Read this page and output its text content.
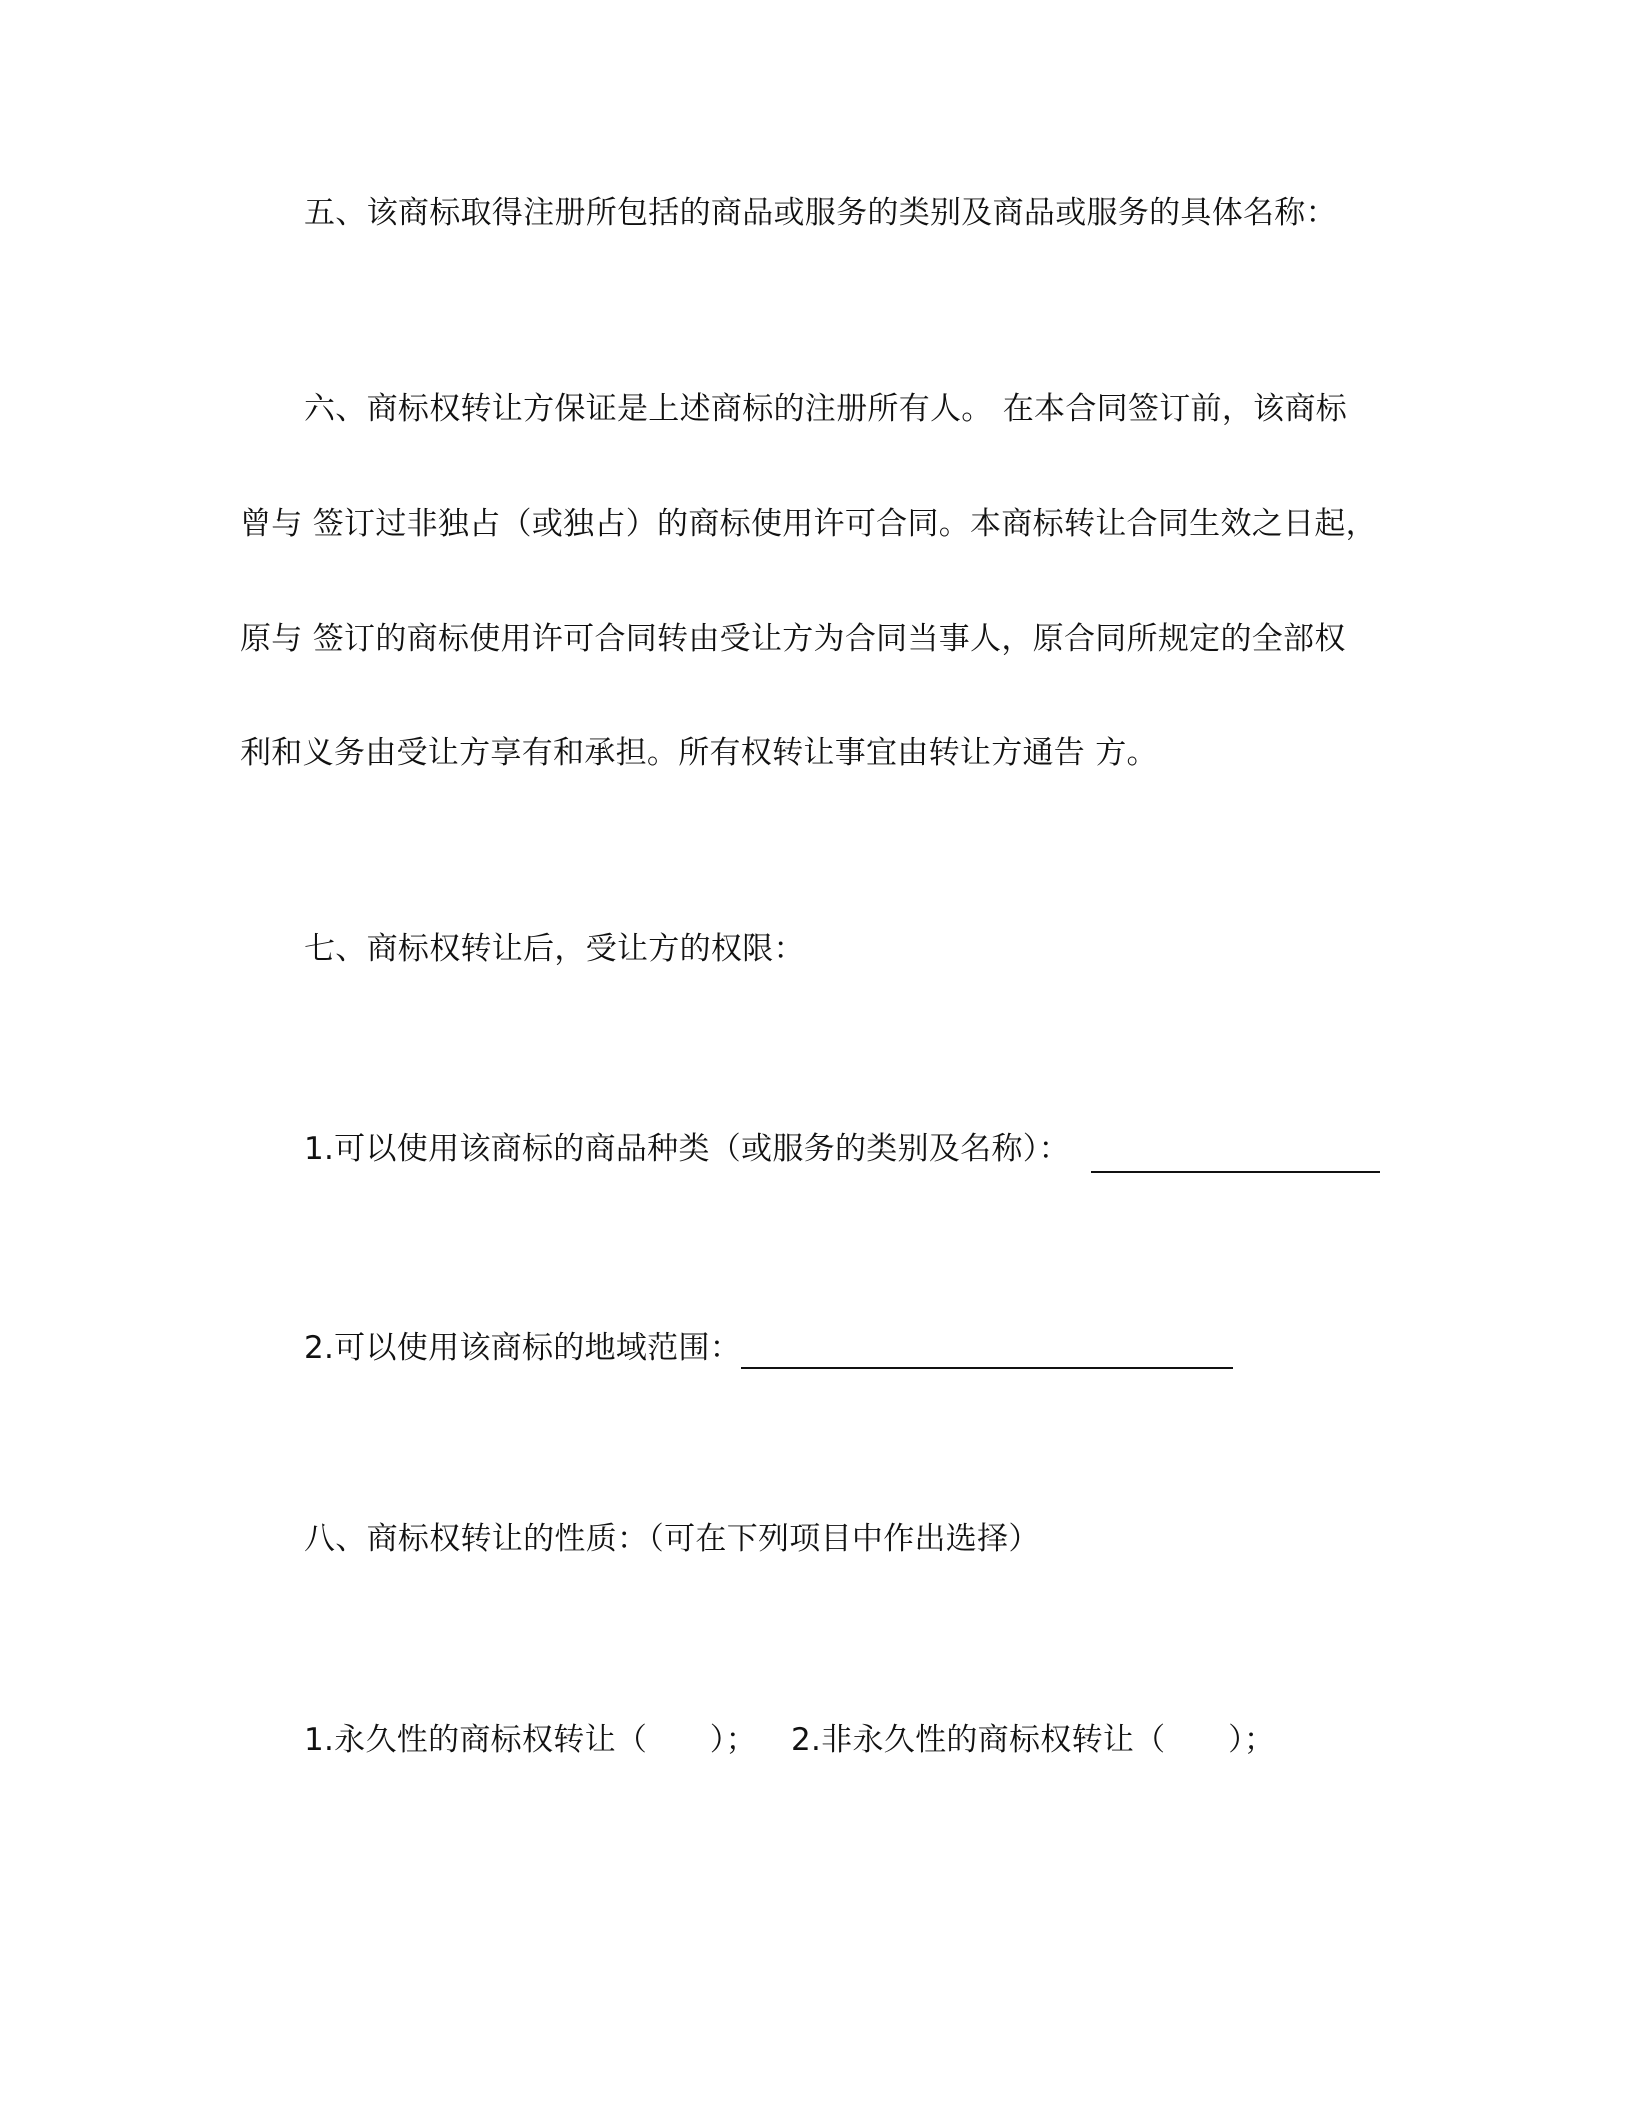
五、该商标取得注册所包括的商品或服务的类别及商品或服务的具体名称：
六、商标权转让方保证是上述商标的注册所有人。 在本合同签订前，该商标
曾与 签订过非独占（或独占）的商标使用许可合同。本商标转让合同生效之日起，
原与 签订的商标使用许可合同转由受让方为合同当事人，原合同所规定的全部权
利和义务由受让方享有和承担。所有权转让事宜由转让方通告 方。
七、商标权转让后，受让方的权限：
1.可以使用该商标的商品种类（或服务的类别及名称）：
2.可以使用该商标的地域范围：
八、商标权转让的性质：（可在下列项目中作出选择）
1.永久性的商标权转让（　　）； 2.非永久性的商标权转让（　　）；
